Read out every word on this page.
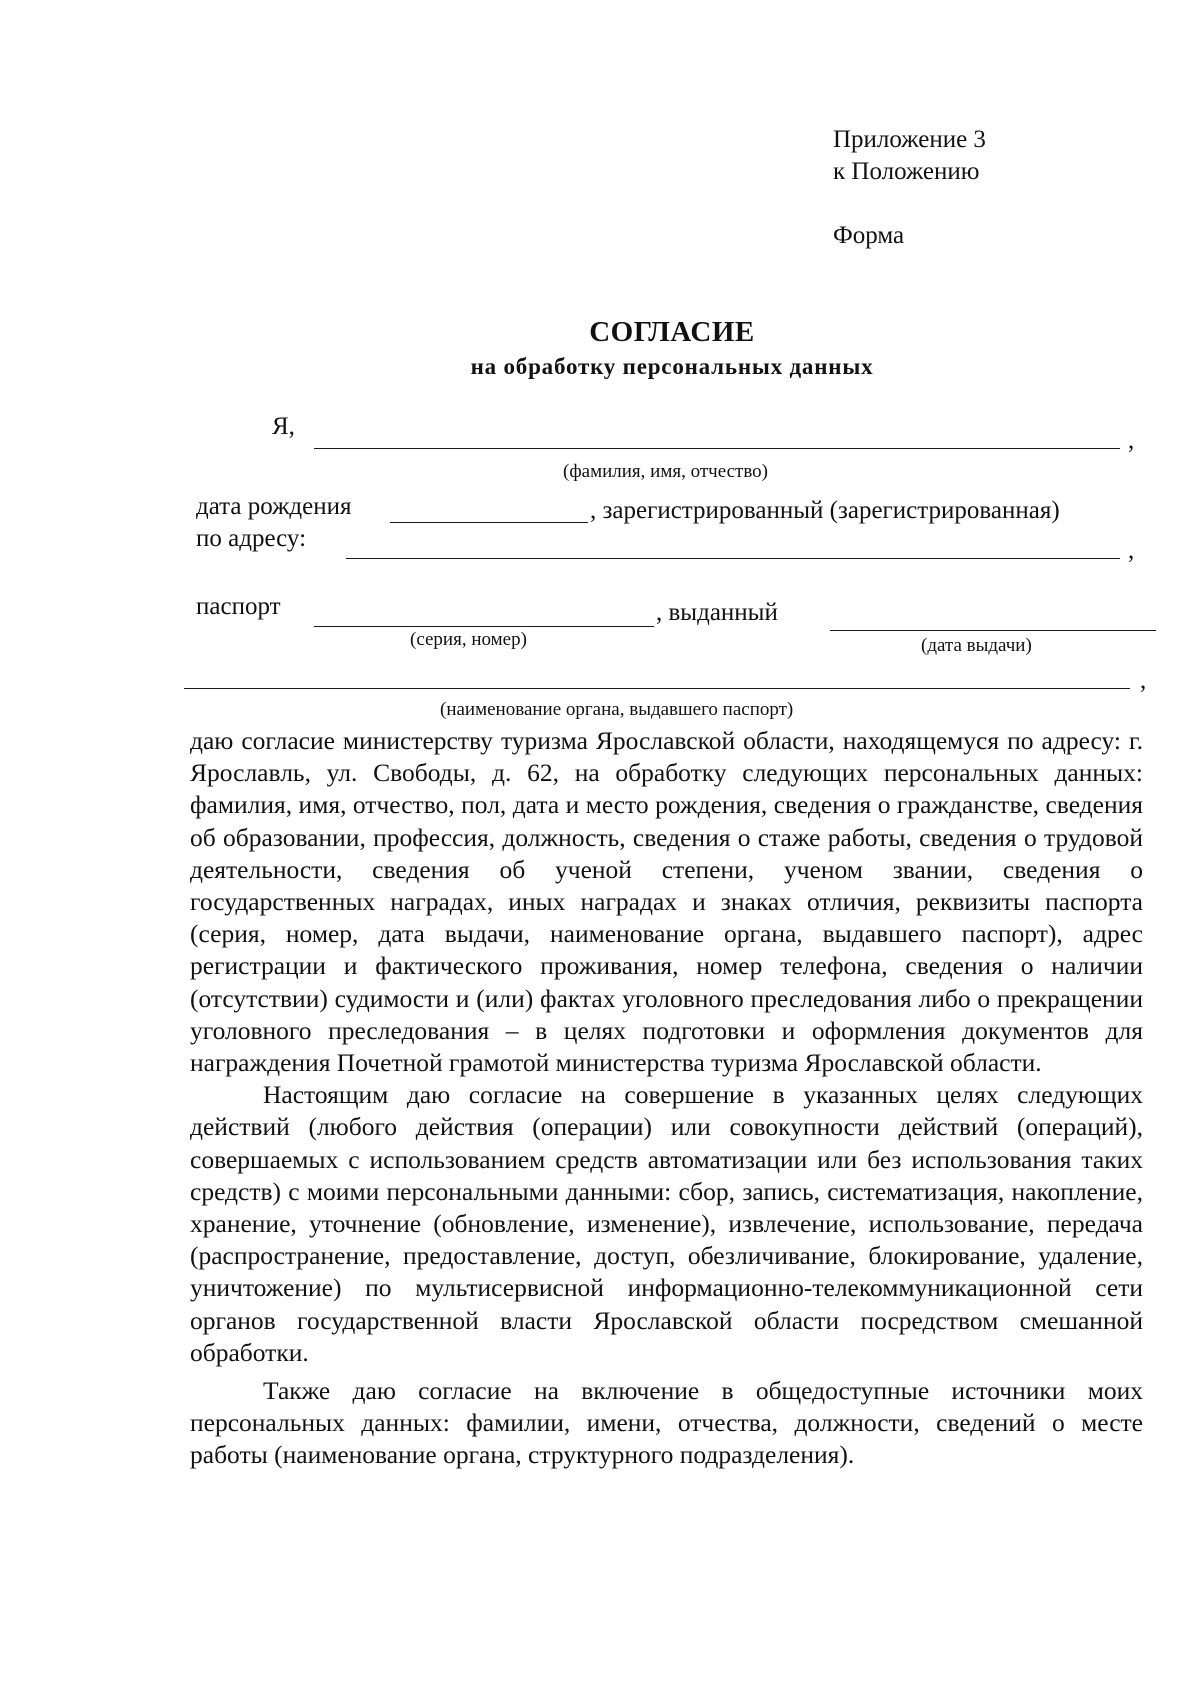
Приложение 3
к Положению
Форма
СОГЛАСИЕ
на обработку персональных данных
Я,
,
(фамилия, имя, отчество)
дата рождения	, зарегистрированный (зарегистрированная)
по адресу:	,
паспорт	, выданный
(серия, номер)	(дата выдачи)
,
(наименование органа, выдавшего паспорт)

даю согласие министерству туризма Ярославской области, находящемуся по адресу: г. Ярославль, ул. Свободы, д. 62, на обработку следующих персональных данных: фамилия, имя, отчество, пол, дата и место рождения, сведения о гражданстве, сведения об образовании, профессия, должность, сведения о стаже работы, сведения о трудовой деятельности, сведения об ученой степени, ученом звании, сведения о государственных наградах, иных наградах и знаках отличия, реквизиты паспорта (серия, номер, дата выдачи, наименование органа, выдавшего паспорт), адрес регистрации и фактического проживания, номер телефона, сведения о наличии (отсутствии) судимости и (или) фактах уголовного преследования либо о прекращении уголовного преследования – в целях подготовки и оформления документов для награждения Почетной грамотой министерства туризма Ярославской области.

Настоящим даю согласие на совершение в указанных целях следующих действий (любого действия (операции) или совокупности действий (операций), совершаемых с использованием средств автоматизации или без использования таких средств) с моими персональными данными: сбор, запись, систематизация, накопление, хранение, уточнение (обновление, изменение), извлечение, использование, передача (распространение, предоставление, доступ, обезличивание, блокирование, удаление, уничтожение) по мультисервисной информационно-телекоммуникационной сети органов государственной власти Ярославской области посредством смешанной обработки.

Также даю согласие на включение в общедоступные источники моих персональных данных: фамилии, имени, отчества, должности, сведений о месте работы (наименование органа, структурного подразделения).
